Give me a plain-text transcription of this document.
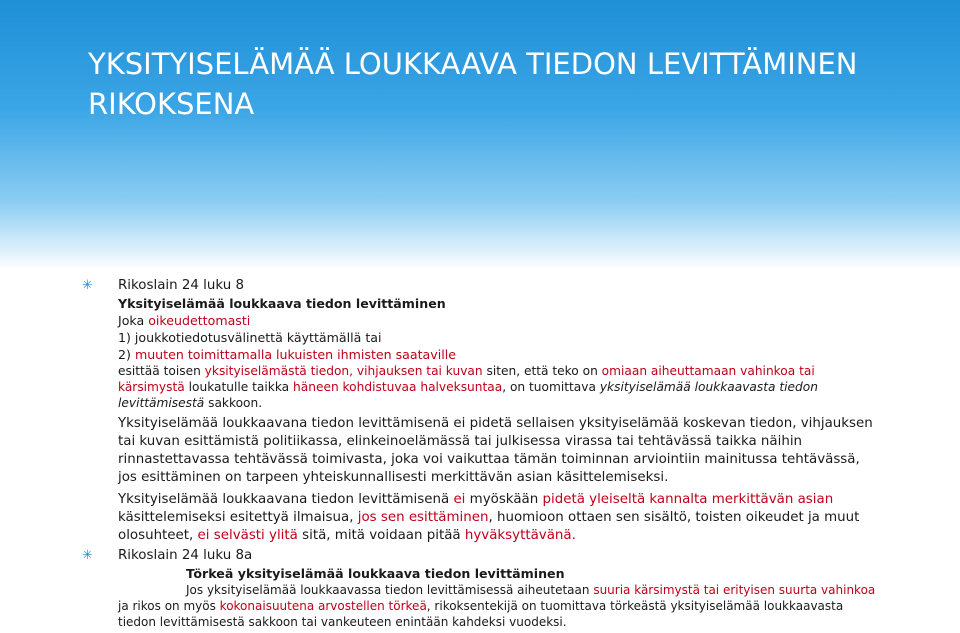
YKSITYISELÄMÄÄ LOUKKAAVA TIEDON LEVITTÄMINEN RIKOKSENA
✳ Rikoslain 24 luku 8
Yksityiselämää loukkaava tiedon levittäminen
Joka oikeudettomasti
1) joukkotiedotusvälinettä käyttämällä tai
2) muuten toimittamalla lukuisten ihmisten saataville
esittää toisen yksityiselämästä tiedon, vihjauksen tai kuvan siten, että teko on omiaan aiheuttamaan vahinkoa tai kärsimystä loukatulle taikka häneen kohdistuvaa halveksuntaa, on tuomittava yksityiselämää loukkaavasta tiedon levittämisestä sakkoon.
Yksityiselämää loukkaavana tiedon levittämisenä ei pidetä sellaisen yksityiselämää koskevan tiedon, vihjauksen tai kuvan esittämistä politiikassa, elinkeinoelämässä tai julkisessa virassa tai tehtävässä taikka näihin rinnastettavassa tehtävässä toimivasta, joka voi vaikuttaa tämän toiminnan arviointiin mainitussa tehtävässä, jos esittäminen on tarpeen yhteiskunnallisesti merkittävän asian käsittelemiseksi.
Yksityiselämää loukkaavana tiedon levittämisenä ei myöskään pidetä yleiseltä kannalta merkittävän asian käsittelemiseksi esitettyä ilmaisua, jos sen esittäminen, huomioon ottaen sen sisältö, toisten oikeudet ja muut olosuhteet, ei selvästi ylitä sitä, mitä voidaan pitää hyväksyttävänä.
✳ Rikoslain 24 luku 8a
Törkeä yksityiselämää loukkaava tiedon levittäminen
Jos yksityiselämää loukkaavassa tiedon levittämisessä aiheutetaan suuria kärsimystä tai erityisen suurta vahinkoa ja rikos on myös kokonaisuutena arvostellen törkeä, rikoksentekijä on tuomittava törkeästä yksityiselämää loukkaavasta tiedon levittämisestä sakkoon tai vankeuteen enintään kahdeksi vuodeksi.
